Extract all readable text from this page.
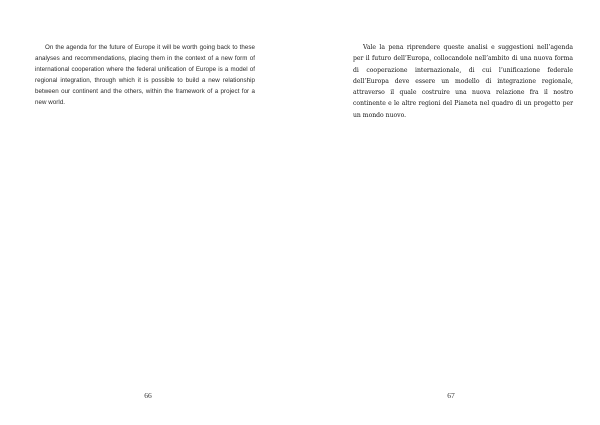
On the agenda for the future of Europe it will be worth going back to these analyses and recommendations, placing them in the context of a new form of international cooperation where the federal unification of Europe is a model of regional integration, through which it is possible to build a new relationship between our continent and the others, within the framework of a project for a new world.

66

Vale la pena riprendere queste analisi e suggestioni nell’agenda per il futuro dell’Europa, collocandole nell’ambito di una nuova forma di cooperazione internazionale, di cui l’unificazione federale dell’Europa deve essere un modello di integrazione regionale, attraverso il quale costruire una nuova relazione fra il nostro continente e le altre regioni del Pianeta nel quadro di un progetto per un mondo nuovo.

67
